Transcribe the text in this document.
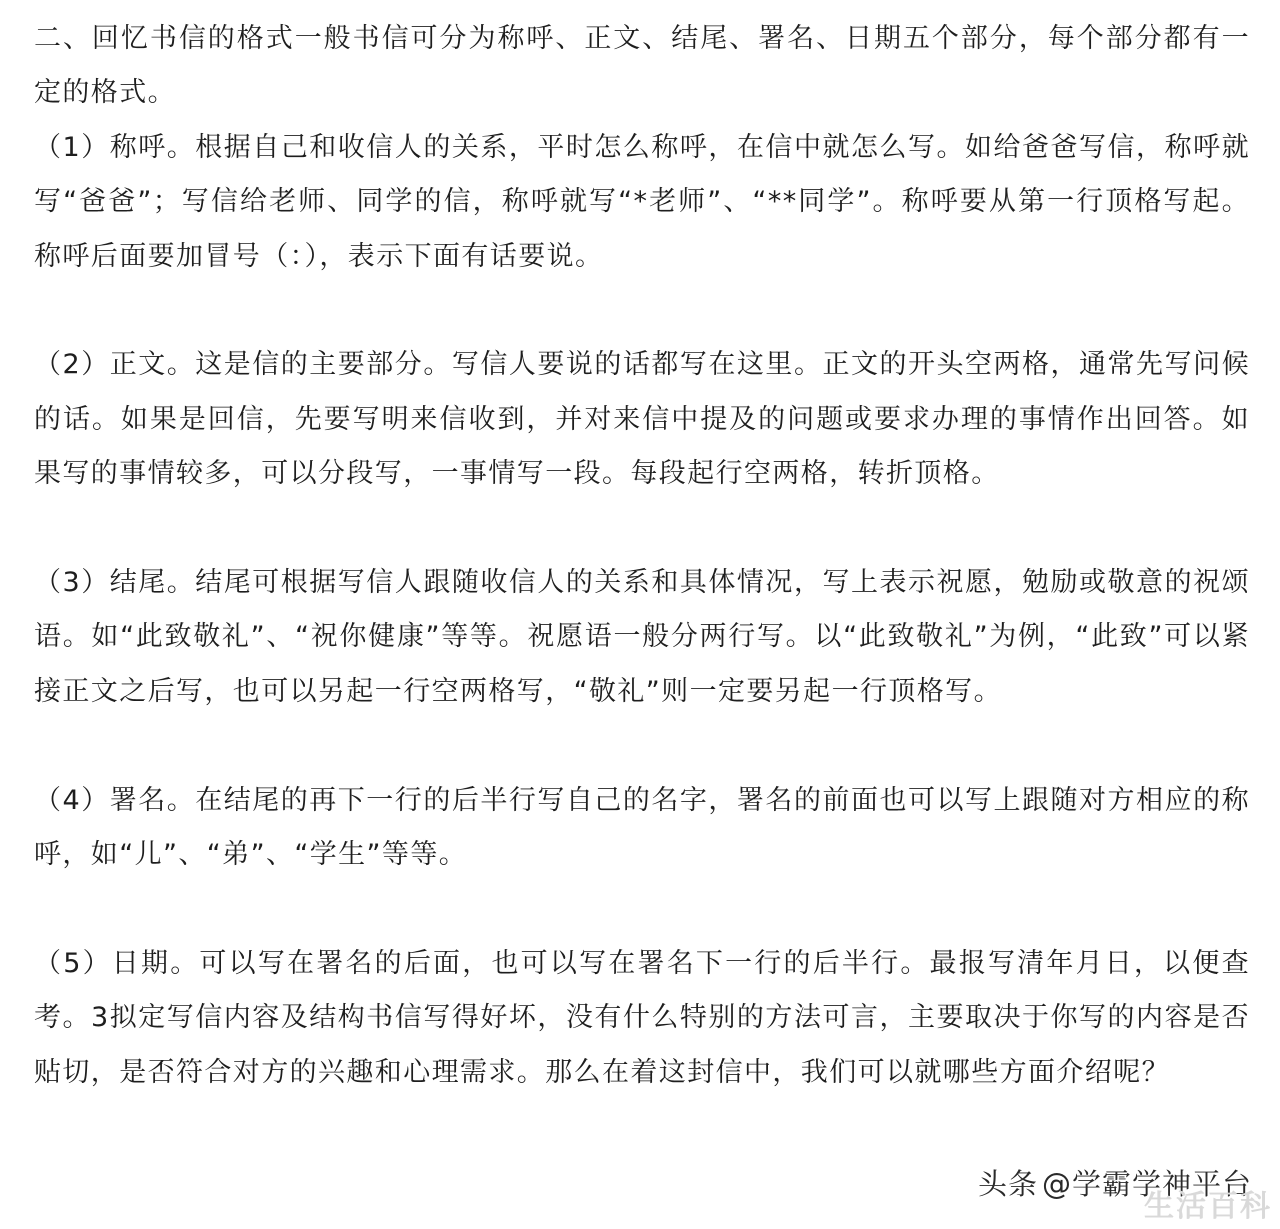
二、回忆书信的格式一般书信可分为称呼、正文、结尾、署名、日期五个部分，每个部分都有一定的格式。

（1）称呼。根据自己和收信人的关系，平时怎么称呼，在信中就怎么写。如给爸爸写信，称呼就写“爸爸”；写信给老师、同学的信，称呼就写“*老师”、“**同学”。称呼要从第一行顶格写起。称呼后面要加冒号（：），表示下面有话要说。

（2）正文。这是信的主要部分。写信人要说的话都写在这里。正文的开头空两格，通常先写问候的话。如果是回信，先要写明来信收到，并对来信中提及的问题或要求办理的事情作出回答。如果写的事情较多，可以分段写，一事情写一段。每段起行空两格，转折顶格。

（3）结尾。结尾可根据写信人跟随收信人的关系和具体情况，写上表示祝愿，勉励或敬意的祝颂语。如“此致敬礼”、“祝你健康”等等。祝愿语一般分两行写。以“此致敬礼”为例，“此致”可以紧接正文之后写，也可以另起一行空两格写，“敬礼”则一定要另起一行顶格写。

（4）署名。在结尾的再下一行的后半行写自己的名字，署名的前面也可以写上跟随对方相应的称呼，如“儿”、“弟”、“学生”等等。

（5）日期。可以写在署名的后面，也可以写在署名下一行的后半行。最报写清年月日，以便查考。3拟定写信内容及结构书信写得好坏，没有什么特别的方法可言，主要取决于你写的内容是否贴切，是否符合对方的兴趣和心理需求。那么在着这封信中，我们可以就哪些方面介绍呢？

头条 @学霸学神平台
生活百科
